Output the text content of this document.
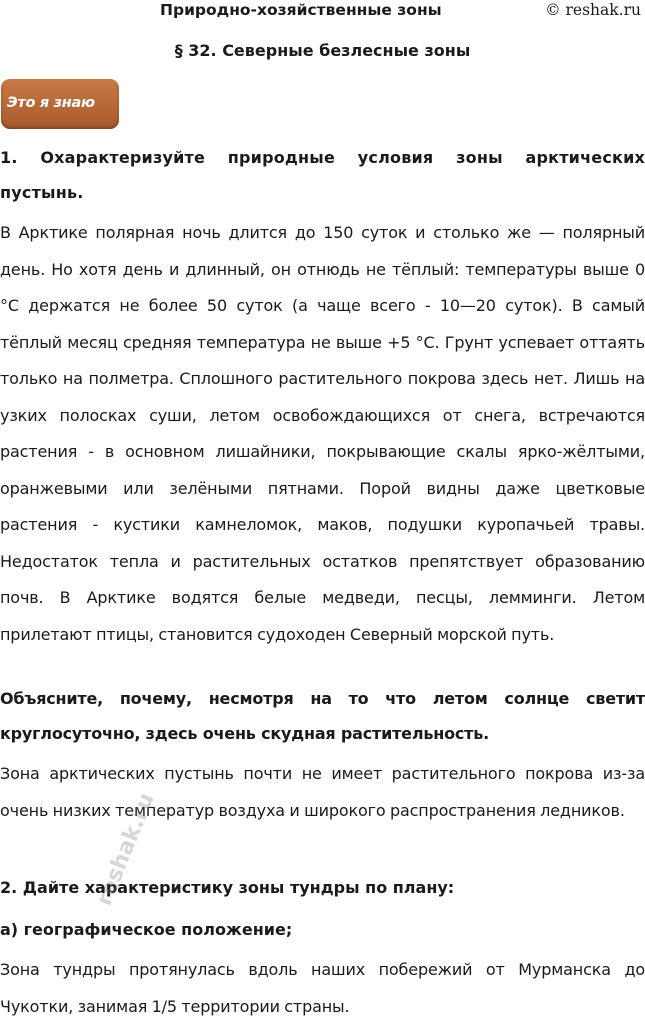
Природно-хозяйственные зоны	© reshak.ru
§ 32. Северные безлесные зоны
Это я знаю

1. Охарактеризуйте природные условия зоны арктических пустынь.

В Арктике полярная ночь длится до 150 суток и столько же — полярный день. Но хотя день и длинный, он отнюдь не тёплый: температуры выше 0 °С держатся не более 50 суток (а чаще всего - 10—20 суток). В самый тёплый месяц средняя температура не выше +5 °С. Грунт успевает оттаять только на полметра. Сплошного растительного покрова здесь нет. Лишь на узких полосках суши, летом освобождающихся от снега, встречаются растения - в основном лишайники, покрывающие скалы ярко-жёлтыми, оранжевыми или зелёными пятнами. Порой видны даже цветковые растения - кустики камнеломок, маков, подушки куропачьей травы. Недостаток тепла и растительных остатков препятствует образованию почв. В Арктике водятся белые медведи, песцы, лемминги. Летом прилетают птицы, становится судоходен Северный морской путь.

Объясните, почему, несмотря на то что летом солнце светит круглосуточно, здесь очень скудная растительность.

Зона арктических пустынь почти не имеет растительного покрова из-за очень низких температур воздуха и широкого распространения ледников.

2. Дайте характеристику зоны тундры по плану:

а) географическое положение;

Зона тундры протянулась вдоль наших побережий от Мурманска до Чукотки, занимая 1/5 территории страны.

reshak.ru
